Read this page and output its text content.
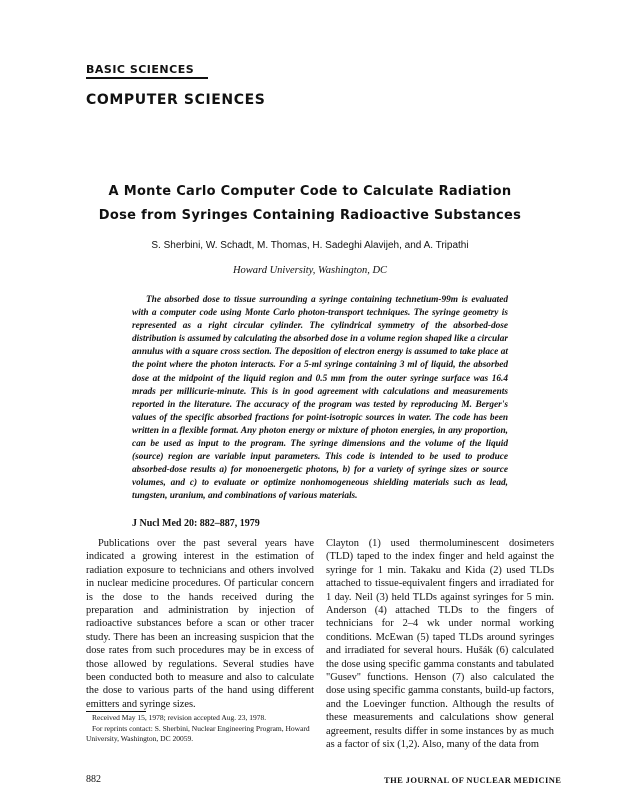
BASIC SCIENCES
COMPUTER SCIENCES
A Monte Carlo Computer Code to Calculate Radiation
Dose from Syringes Containing Radioactive Substances
S. Sherbini, W. Schadt, M. Thomas, H. Sadeghi Alavijeh, and A. Tripathi
Howard University, Washington, DC

The absorbed dose to tissue surrounding a syringe containing technetium-99m is evaluated with a computer code using Monte Carlo photon-transport techniques. The syringe geometry is represented as a right circular cylinder. The cylindrical symmetry of the absorbed-dose distribution is assumed by calculating the absorbed dose in a volume region shaped like a circular annulus with a square cross section. The deposition of electron energy is assumed to take place at the point where the photon interacts. For a 5-ml syringe containing 3 ml of liquid, the absorbed dose at the midpoint of the liquid region and 0.5 mm from the outer syringe surface was 16.4 mrads per millicurie-minute. This is in good agreement with calculations and measurements reported in the literature. The accuracy of the program was tested by reproducing M. Berger's values of the specific absorbed fractions for point-isotropic sources in water. The code has been written in a flexible format. Any photon energy or mixture of photon energies, in any proportion, can be used as input to the program. The syringe dimensions and the volume of the liquid (source) region are variable input parameters. This code is intended to be used to produce absorbed-dose results a) for monoenergetic photons, b) for a variety of syringe sizes or source volumes, and c) to evaluate or optimize nonhomogeneous shielding materials such as lead, tungsten, uranium, and combinations of various materials.

J Nucl Med 20: 882–887, 1979

Publications over the past several years have indicated a growing interest in the estimation of radiation exposure to technicians and others involved in nuclear medicine procedures. Of particular concern is the dose to the hands received during the preparation and administration by injection of radioactive substances before a scan or other tracer study. There has been an increasing suspicion that the dose rates from such procedures may be in excess of those allowed by regulations. Several studies have been conducted both to measure and also to calculate the dose to various parts of the hand using different emitters and syringe sizes.

Clayton (1) used thermoluminescent dosimeters (TLD) taped to the index finger and held against the syringe for 1 min. Takaku and Kida (2) used TLDs attached to tissue-equivalent fingers and irradiated for 1 day. Neil (3) held TLDs against syringes for 5 min. Anderson (4) attached TLDs to the fingers of technicians for 2–4 wk under normal working conditions. McEwan (5) taped TLDs around syringes and irradiated for several hours. Hušák (6) calculated the dose using specific gamma constants and tabulated "Gusev" functions. Henson (7) also calculated the dose using specific gamma constants, build-up factors, and the Loevinger function. Although the results of these measurements and calculations show general agreement, results differ in some instances by as much as a factor of six (1,2). Also, many of the data from

Received May 15, 1978; revision accepted Aug. 23, 1978.
For reprints contact: S. Sherbini, Nuclear Engineering Program, Howard University, Washington, DC 20059.
882	THE JOURNAL OF NUCLEAR MEDICINE
